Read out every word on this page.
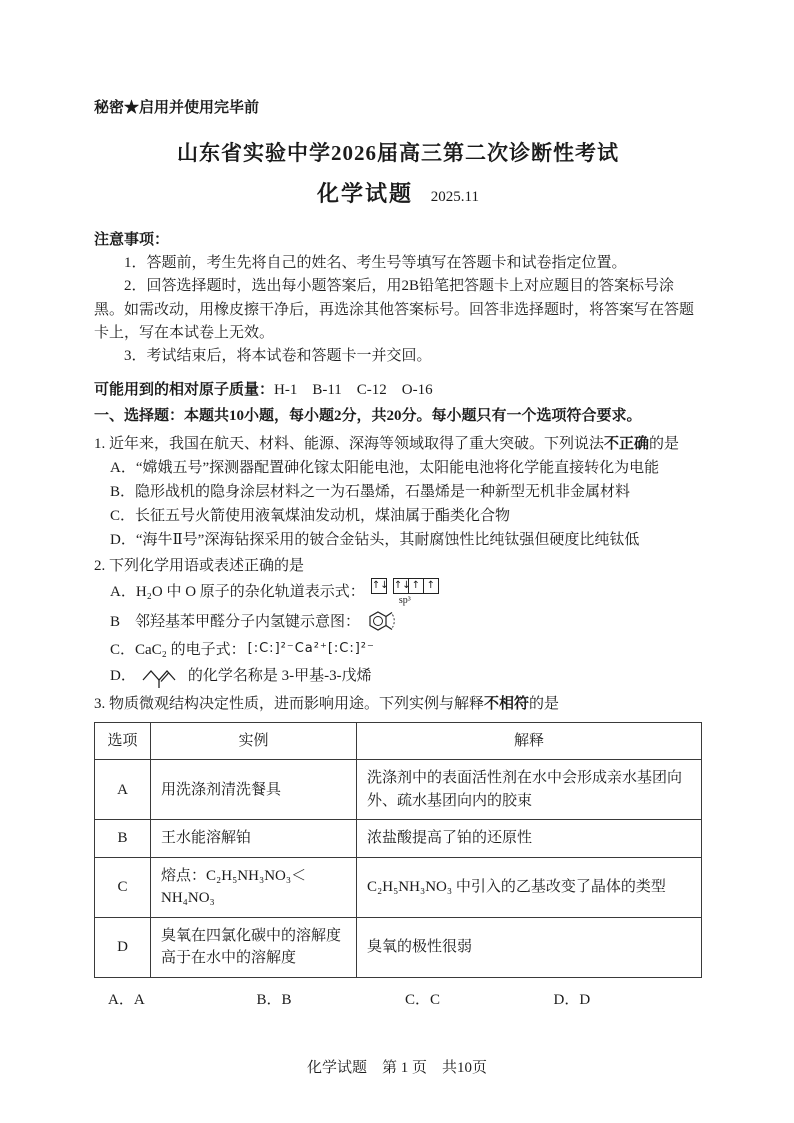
秘密★启用并使用完毕前
山东省实验中学2026届高三第二次诊断性考试
化学试题 2025.11
注意事项：

1．答题前，考生先将自己的姓名、考生号等填写在答题卡和试卷指定位置。

2．回答选择题时，选出每小题答案后，用2B铅笔把答题卡上对应题目的答案标号涂黑。如需改动，用橡皮擦干净后，再选涂其他答案标号。回答非选择题时，将答案写在答题卡上，写在本试卷上无效。

3．考试结束后，将本试卷和答题卡一并交回。

可能用到的相对原子质量：H-1　B-11　C-12　O-16

一、选择题：本题共10小题，每小题2分，共20分。每小题只有一个选项符合要求。

1. 近年来，我国在航天、材料、能源、深海等领域取得了重大突破。下列说法不正确的是

A．“嫦娥五号”探测器配置砷化镓太阳能电池，太阳能电池将化学能直接转化为电能

B．隐形战机的隐身涂层材料之一为石墨烯，石墨烯是一种新型无机非金属材料

C．长征五号火箭使用液氧煤油发动机，煤油属于酯类化合物

D．“海牛Ⅱ号”深海钻探采用的铍合金钻头，其耐腐蚀性比纯钛强但硬度比纯钛低

2. 下列化学用语或表述正确的是

A．H₂O 中 O 原子的杂化轨道表示式： ↑↓ ↑↓ ↑ ↑
sp³

B　邻羟基苯甲醛分子内氢键示意图：

C．CaC₂ 的电子式： [:C:]²⁻Ca²⁺[:C:]²⁻

D．	的化学名称是 3-甲基-3-戊烯

3. 物质微观结构决定性质，进而影响用途。下列实例与解释不相符的是

选项	实例	解释
A	用洗涤剂清洗餐具	洗涤剂中的表面活性剂在水中会形成亲水基团向外、疏水基团向内的胶束
B	王水能溶解铂	浓盐酸提高了铂的还原性
C	熔点：C₂H₅NH₃NO₃＜NH₄NO₃	C₂H₅NH₃NO₃ 中引入的乙基改变了晶体的类型
D	臭氧在四氯化碳中的溶解度高于在水中的溶解度	臭氧的极性很弱
A．A	B．B	C．C	D．D
化学试题　第 1 页　共10页
